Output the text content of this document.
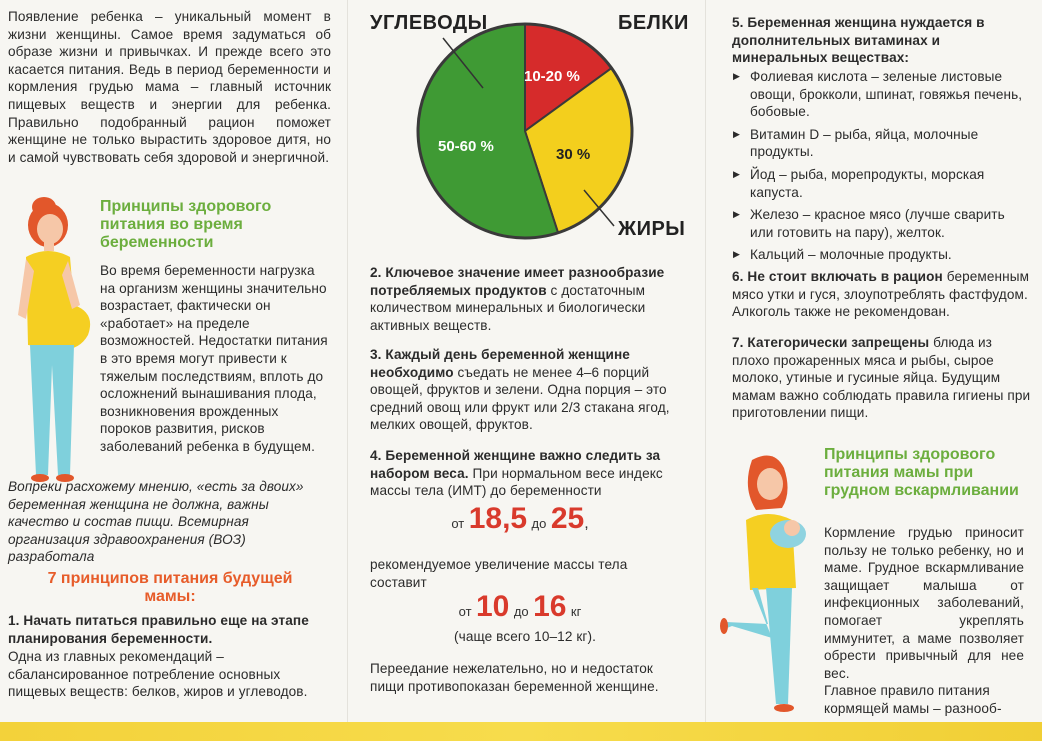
Появление ребенка – уникальный момент в жизни женщины. Самое время задуматься об образе жизни и привычках. И прежде всего это касается питания. Ведь в период беременности и кормления грудью мама – главный источник пищевых веществ и энергии для ребенка. Правильно подобранный рацион поможет женщине не только вырастить здоровое дитя, но и самой чувствовать себя здоровой и энергичной.
Принципы здорового питания во время беременности
Во время беременности нагрузка на организм женщины значительно возрастает, фактически он «работает» на пределе возможностей. Недостатки питания в это время могут привести к тяжелым последствиям, вплоть до осложнений вынашивания плода, возникновения врожденных пороков развития, рисков заболеваний ребенка в будущем.
Вопреки расхожему мнению, «есть за двоих» беременная женщина не должна, важны качество и состав пищи. Всемирная организация здравоохранения (ВОЗ) разработала
7 принципов питания будущей мамы:
1. Начать питаться правильно еще на этапе планирования беременности.
Одна из главных рекомендаций – сбалансированное потребление основных пищевых веществ: белков, жиров и углеводов.
УГЛЕВОДЫ	БЕЛКИ
ЖИРЫ
50-60 %
10-20 %
30 %
2. Ключевое значение имеет разнообразие потребляемых продуктов с достаточным количеством минеральных и биологически активных веществ.
3. Каждый день беременной женщине необходимо съедать не менее 4–6 порций овощей, фруктов и зелени. Одна порция – это средний овощ или фрукт или 2/3 стакана ягод, мелких овощей, фруктов.
4. Беременной женщине важно следить за набором веса. При нормальном весе индекс массы тела (ИМТ) до беременности
от 18,5 до 25,
рекомендуемое увеличение массы тела составит
от 10 до 16 кг
(чаще всего 10–12 кг).
Переедание нежелательно, но и недостаток пищи противопоказан беременной женщине.
5. Беременная женщина нуждается в дополнительных витаминах и минеральных веществах:
▶ Фолиевая кислота – зеленые листовые овощи, брокколи, шпинат, говяжья печень, бобовые.
▶ Витамин D – рыба, яйца, молочные продукты.
▶ Йод – рыба, морепродукты, морская капуста.
▶ Железо – красное мясо (лучше сварить или готовить на пару), желток.
▶ Кальций – молочные продукты.
6. Не стоит включать в рацион беременным мясо утки и гуся, злоупотреблять фастфудом. Алкоголь также не рекомендован.
7. Категорически запрещены блюда из плохо прожаренных мяса и рыбы, сырое молоко, утиные и гусиные яйца. Будущим мамам важно соблюдать правила гигиены при приготовлении пищи.
Принципы здорового питания мамы при грудном вскармливании
Кормление грудью приносит пользу не только ребенку, но и маме. Грудное вскармливание защищает малыша от инфекционных заболеваний, помогает укреплять иммунитет, а маме позволяет обрести привычный для нее вес.
Главное правило питания кормящей мамы – разнооб-
